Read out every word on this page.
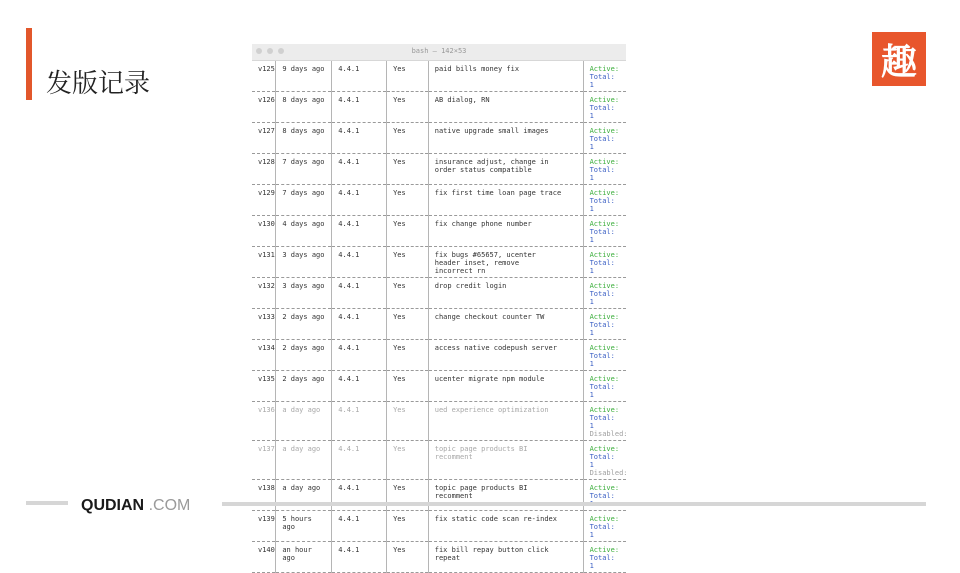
发版记录
趣
bash — 142×53
v125	9 days ago	4.4.1	Yes	paid bills money fix	Active:
Total: 1

v126	8 days ago	4.4.1	Yes	AB dialog, RN	Active:
Total: 1

v127	8 days ago	4.4.1	Yes	native upgrade small images	Active:
Total: 1

v128	7 days ago	4.4.1	Yes	insurance adjust, change in
order status compatible	Active:
Total: 1

v129	7 days ago	4.4.1	Yes	fix first time loan page trace	Active:
Total: 1

v130	4 days ago	4.4.1	Yes	fix change phone number	Active:
Total: 1

v131	3 days ago	4.4.1	Yes	fix bugs #65657, ucenter
header inset, remove
incorrect rn	Active:
Total: 1

v132	3 days ago	4.4.1	Yes	drop credit login	Active:
Total: 1

v133	2 days ago	4.4.1	Yes	change checkout counter TW	Active:
Total: 1

v134	2 days ago	4.4.1	Yes	access native codepush server	Active:
Total: 1

v135	2 days ago	4.4.1	Yes	ucenter migrate npm module	Active:
Total: 1

v136	a day ago	4.4.1	Yes	ued experience optimization	Active:
Total: 1
Disabled:

v137	a day ago	4.4.1	Yes	topic page products BI
recomment	Active:
Total: 1
Disabled:

v138	a day ago	4.4.1	Yes	topic page products BI
recomment	Active:
Total:

v139	5 hours ago	4.4.1	Yes	fix static code scan re-index	Active:
Total: 1

v140	an hour ago	4.4.1	Yes	fix bill repay button click
repeat	Active:
Total: 1
QUDIAN .COM
